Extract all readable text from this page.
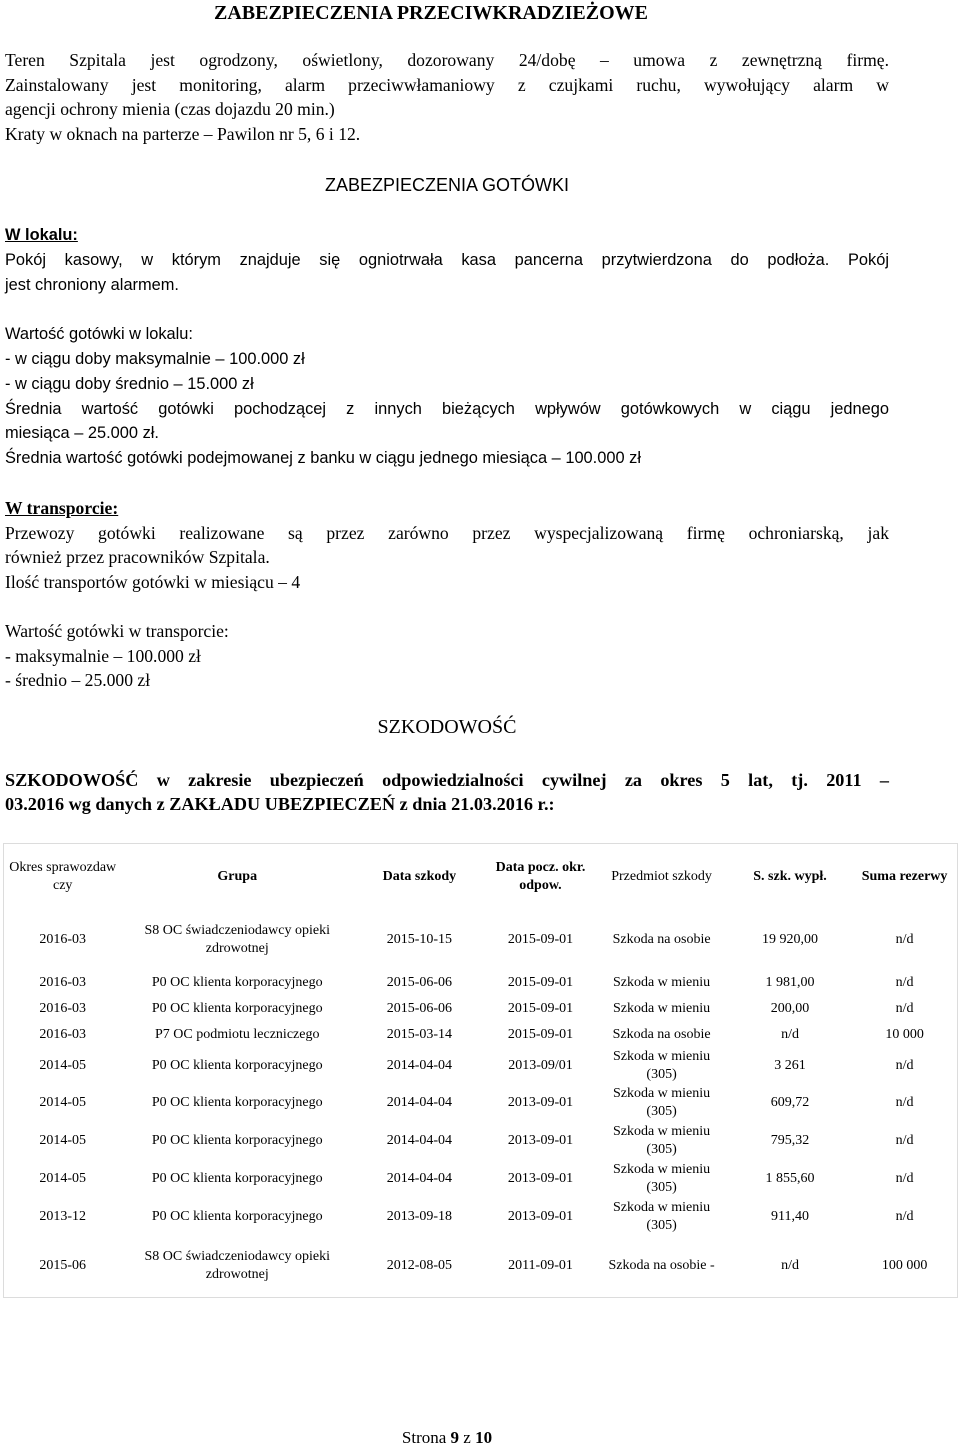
ZABEZPIECZENIA PRZECIWKRADZIEŻOWE
Teren Szpitala jest ogrodzony, oświetlony, dozorowany 24/dobę – umowa z zewnętrzną firmę.
Zainstalowany jest monitoring, alarm przeciwwłamaniowy z czujkami ruchu, wywołujący alarm w
agencji ochrony mienia (czas dojazdu 20 min.)
Kraty w oknach na parterze – Pawilon nr 5, 6 i 12.
ZABEZPIECZENIA GOTÓWKI
W lokalu:
Pokój kasowy, w którym znajduje się ogniotrwała kasa pancerna przytwierdzona do podłoża. Pokój
jest chroniony alarmem.
Wartość gotówki w lokalu:
- w ciągu doby maksymalnie – 100.000 zł
- w ciągu doby średnio – 15.000 zł
Średnia wartość gotówki pochodzącej z innych bieżących wpływów gotówkowych w ciągu jednego
miesiąca – 25.000 zł.
Średnia wartość gotówki podejmowanej z banku w ciągu jednego miesiąca – 100.000 zł
W transporcie:
Przewozy gotówki realizowane są przez zarówno przez wyspecjalizowaną firmę ochroniarską, jak
również przez pracowników Szpitala.
Ilość transportów gotówki w miesiącu – 4
Wartość gotówki w transporcie:
- maksymalnie – 100.000 zł
- średnio – 25.000 zł
SZKODOWOŚĆ
SZKODOWOŚĆ w zakresie ubezpieczeń odpowiedzialności cywilnej za okres 5 lat, tj. 2011 –
03.2016 wg danych z ZAKŁADU UBEZPIECZEŃ z dnia 21.03.2016 r.:
Okres sprawozdaw czy	Grupa	Data szkody	Data pocz. okr. odpow.	Przedmiot szkody	S. szk. wypł.	Suma rezerwy
2016-03	S8 OC świadczeniodawcy opieki zdrowotnej	2015-10-15	2015-09-01	Szkoda na osobie	19 920,00	n/d
2016-03	P0 OC klienta korporacyjnego	2015-06-06	2015-09-01	Szkoda w mieniu	1 981,00	n/d
2016-03	P0 OC klienta korporacyjnego	2015-06-06	2015-09-01	Szkoda w mieniu	200,00	n/d
2016-03	P7 OC podmiotu leczniczego	2015-03-14	2015-09-01	Szkoda na osobie	n/d	10 000
2014-05	P0 OC klienta korporacyjnego	2014-04-04	2013-09/01	Szkoda w mieniu (305)	3 261	n/d
2014-05	P0 OC klienta korporacyjnego	2014-04-04	2013-09-01	Szkoda w mieniu (305)	609,72	n/d
2014-05	P0 OC klienta korporacyjnego	2014-04-04	2013-09-01	Szkoda w mieniu (305)	795,32	n/d
2014-05	P0 OC klienta korporacyjnego	2014-04-04	2013-09-01	Szkoda w mieniu (305)	1 855,60	n/d
2013-12	P0 OC klienta korporacyjnego	2013-09-18	2013-09-01	Szkoda w mieniu (305)	911,40	n/d
2015-06	S8 OC świadczeniodawcy opieki zdrowotnej	2012-08-05	2011-09-01	Szkoda na osobie -	n/d	100 000
Strona 9 z 10
